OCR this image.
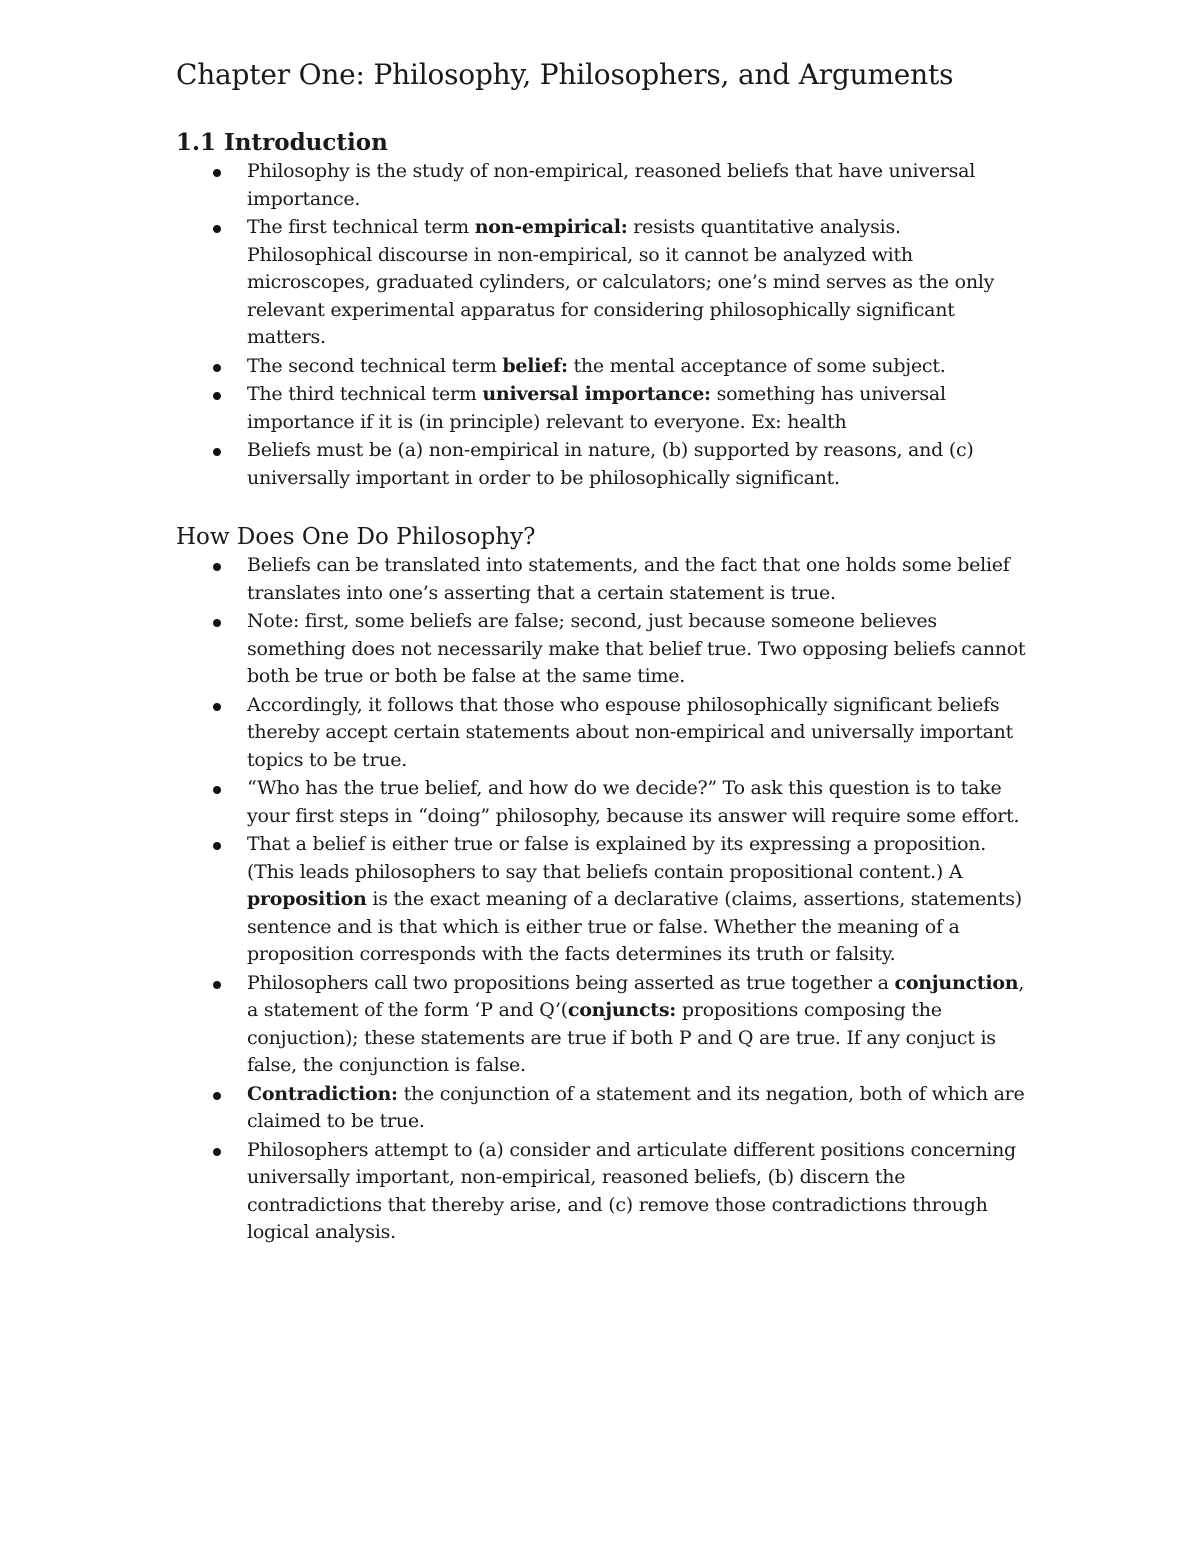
Chapter One: Philosophy, Philosophers, and Arguments
1.1 Introduction
Philosophy is the study of non-empirical, reasoned beliefs that have universal importance.
The first technical term non-empirical: resists quantitative analysis. Philosophical discourse in non-empirical, so it cannot be analyzed with microscopes, graduated cylinders, or calculators; one’s mind serves as the only relevant experimental apparatus for considering philosophically significant matters.
The second technical term belief: the mental acceptance of some subject.
The third technical term universal importance: something has universal importance if it is (in principle) relevant to everyone. Ex: health
Beliefs must be (a) non-empirical in nature, (b) supported by reasons, and (c) universally important in order to be philosophically significant.
How Does One Do Philosophy?
Beliefs can be translated into statements, and the fact that one holds some belief translates into one’s asserting that a certain statement is true.
Note: first, some beliefs are false; second, just because someone believes something does not necessarily make that belief true. Two opposing beliefs cannot both be true or both be false at the same time.
Accordingly, it follows that those who espouse philosophically significant beliefs thereby accept certain statements about non-empirical and universally important topics to be true.
“Who has the true belief, and how do we decide?” To ask this question is to take your first steps in “doing” philosophy, because its answer will require some effort.
That a belief is either true or false is explained by its expressing a proposition. (This leads philosophers to say that beliefs contain propositional content.) A proposition is the exact meaning of a declarative (claims, assertions, statements) sentence and is that which is either true or false. Whether the meaning of a proposition corresponds with the facts determines its truth or falsity.
Philosophers call two propositions being asserted as true together a conjunction, a statement of the form ‘P and Q’(conjuncts: propositions composing the conjuction); these statements are true if both P and Q are true. If any conjuct is false, the conjunction is false.
Contradiction: the conjunction of a statement and its negation, both of which are claimed to be true.
Philosophers attempt to (a) consider and articulate different positions concerning universally important, non-empirical, reasoned beliefs, (b) discern the contradictions that thereby arise, and (c) remove those contradictions through logical analysis.
